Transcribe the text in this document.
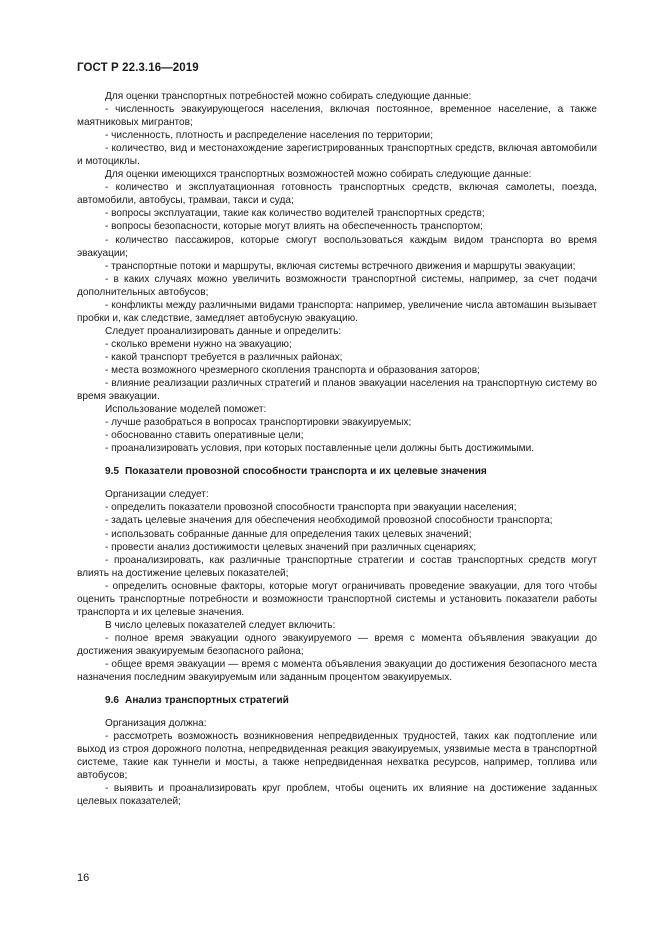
ГОСТ Р 22.3.16—2019

Для оценки транспортных потребностей можно собирать следующие данные:

- численность эвакуирующегося населения, включая постоянное, временное население, а также маятниковых мигрантов;

- численность, плотность и распределение населения по территории;

- количество, вид и местонахождение зарегистрированных транспортных средств, включая автомобили и мотоциклы.

Для оценки имеющихся транспортных возможностей можно собирать следующие данные:

- количество и эксплуатационная готовность транспортных средств, включая самолеты, поезда, автомобили, автобусы, трамваи, такси и суда;

- вопросы эксплуатации, такие как количество водителей транспортных средств;

- вопросы безопасности, которые могут влиять на обеспеченность транспортом;

- количество пассажиров, которые смогут воспользоваться каждым видом транспорта во время эвакуации;

- транспортные потоки и маршруты, включая системы встречного движения и маршруты эвакуации;

- в каких случаях можно увеличить возможности транспортной системы, например, за счет подачи дополнительных автобусов;

- конфликты между различными видами транспорта: например, увеличение числа автомашин вызывает пробки и, как следствие, замедляет автобусную эвакуацию.

Следует проанализировать данные и определить:

- сколько времени нужно на эвакуацию;

- какой транспорт требуется в различных районах;

- места возможного чрезмерного скопления транспорта и образования заторов;

- влияние реализации различных стратегий и планов эвакуации населения на транспортную систему во время эвакуации.

Использование моделей поможет:

- лучше разобраться в вопросах транспортировки эвакуируемых;

- обоснованно ставить оперативные цели;

- проанализировать условия, при которых поставленные цели должны быть достижимыми.

9.5 Показатели провозной способности транспорта и их целевые значения

Организации следует:

- определить показатели провозной способности транспорта при эвакуации населения;

- задать целевые значения для обеспечения необходимой провозной способности транспорта;

- использовать собранные данные для определения таких целевых значений;

- провести анализ достижимости целевых значений при различных сценариях;

- проанализировать, как различные транспортные стратегии и состав транспортных средств могут влиять на достижение целевых показателей;

- определить основные факторы, которые могут ограничивать проведение эвакуации, для того чтобы оценить транспортные потребности и возможности транспортной системы и установить показатели работы транспорта и их целевые значения.

В число целевых показателей следует включить:

- полное время эвакуации одного эвакуируемого — время с момента объявления эвакуации до достижения эвакуируемым безопасного района;

- общее время эвакуации — время с момента объявления эвакуации до достижения безопасного места назначения последним эвакуируемым или заданным процентом эвакуируемых.

9.6 Анализ транспортных стратегий

Организация должна:

- рассмотреть возможность возникновения непредвиденных трудностей, таких как подтопление или выход из строя дорожного полотна, непредвиденная реакция эвакуируемых, уязвимые места в транспортной системе, такие как туннели и мосты, а также непредвиденная нехватка ресурсов, например, топлива или автобусов;

- выявить и проанализировать круг проблем, чтобы оценить их влияние на достижение заданных целевых показателей;

16
